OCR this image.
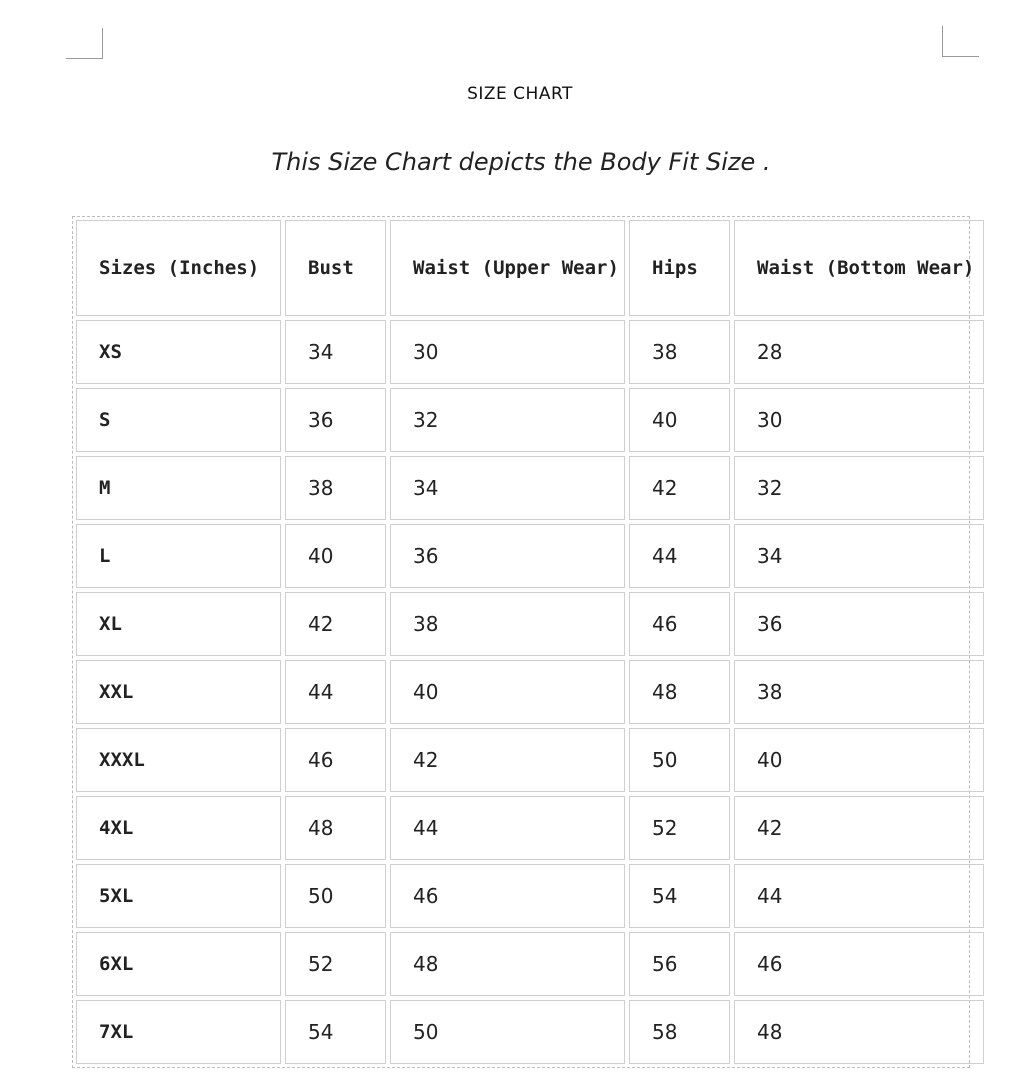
SIZE CHART
This Size Chart depicts the Body Fit Size .
Sizes (Inches)	Bust	Waist (Upper Wear)	Hips	Waist (Bottom Wear)
XS	34	30	38	28
S	36	32	40	30
M	38	34	42	32
L	40	36	44	34
XL	42	38	46	36
XXL	44	40	48	38
XXXL	46	42	50	40
4XL	48	44	52	42
5XL	50	46	54	44
6XL	52	48	56	46
7XL	54	50	58	48
